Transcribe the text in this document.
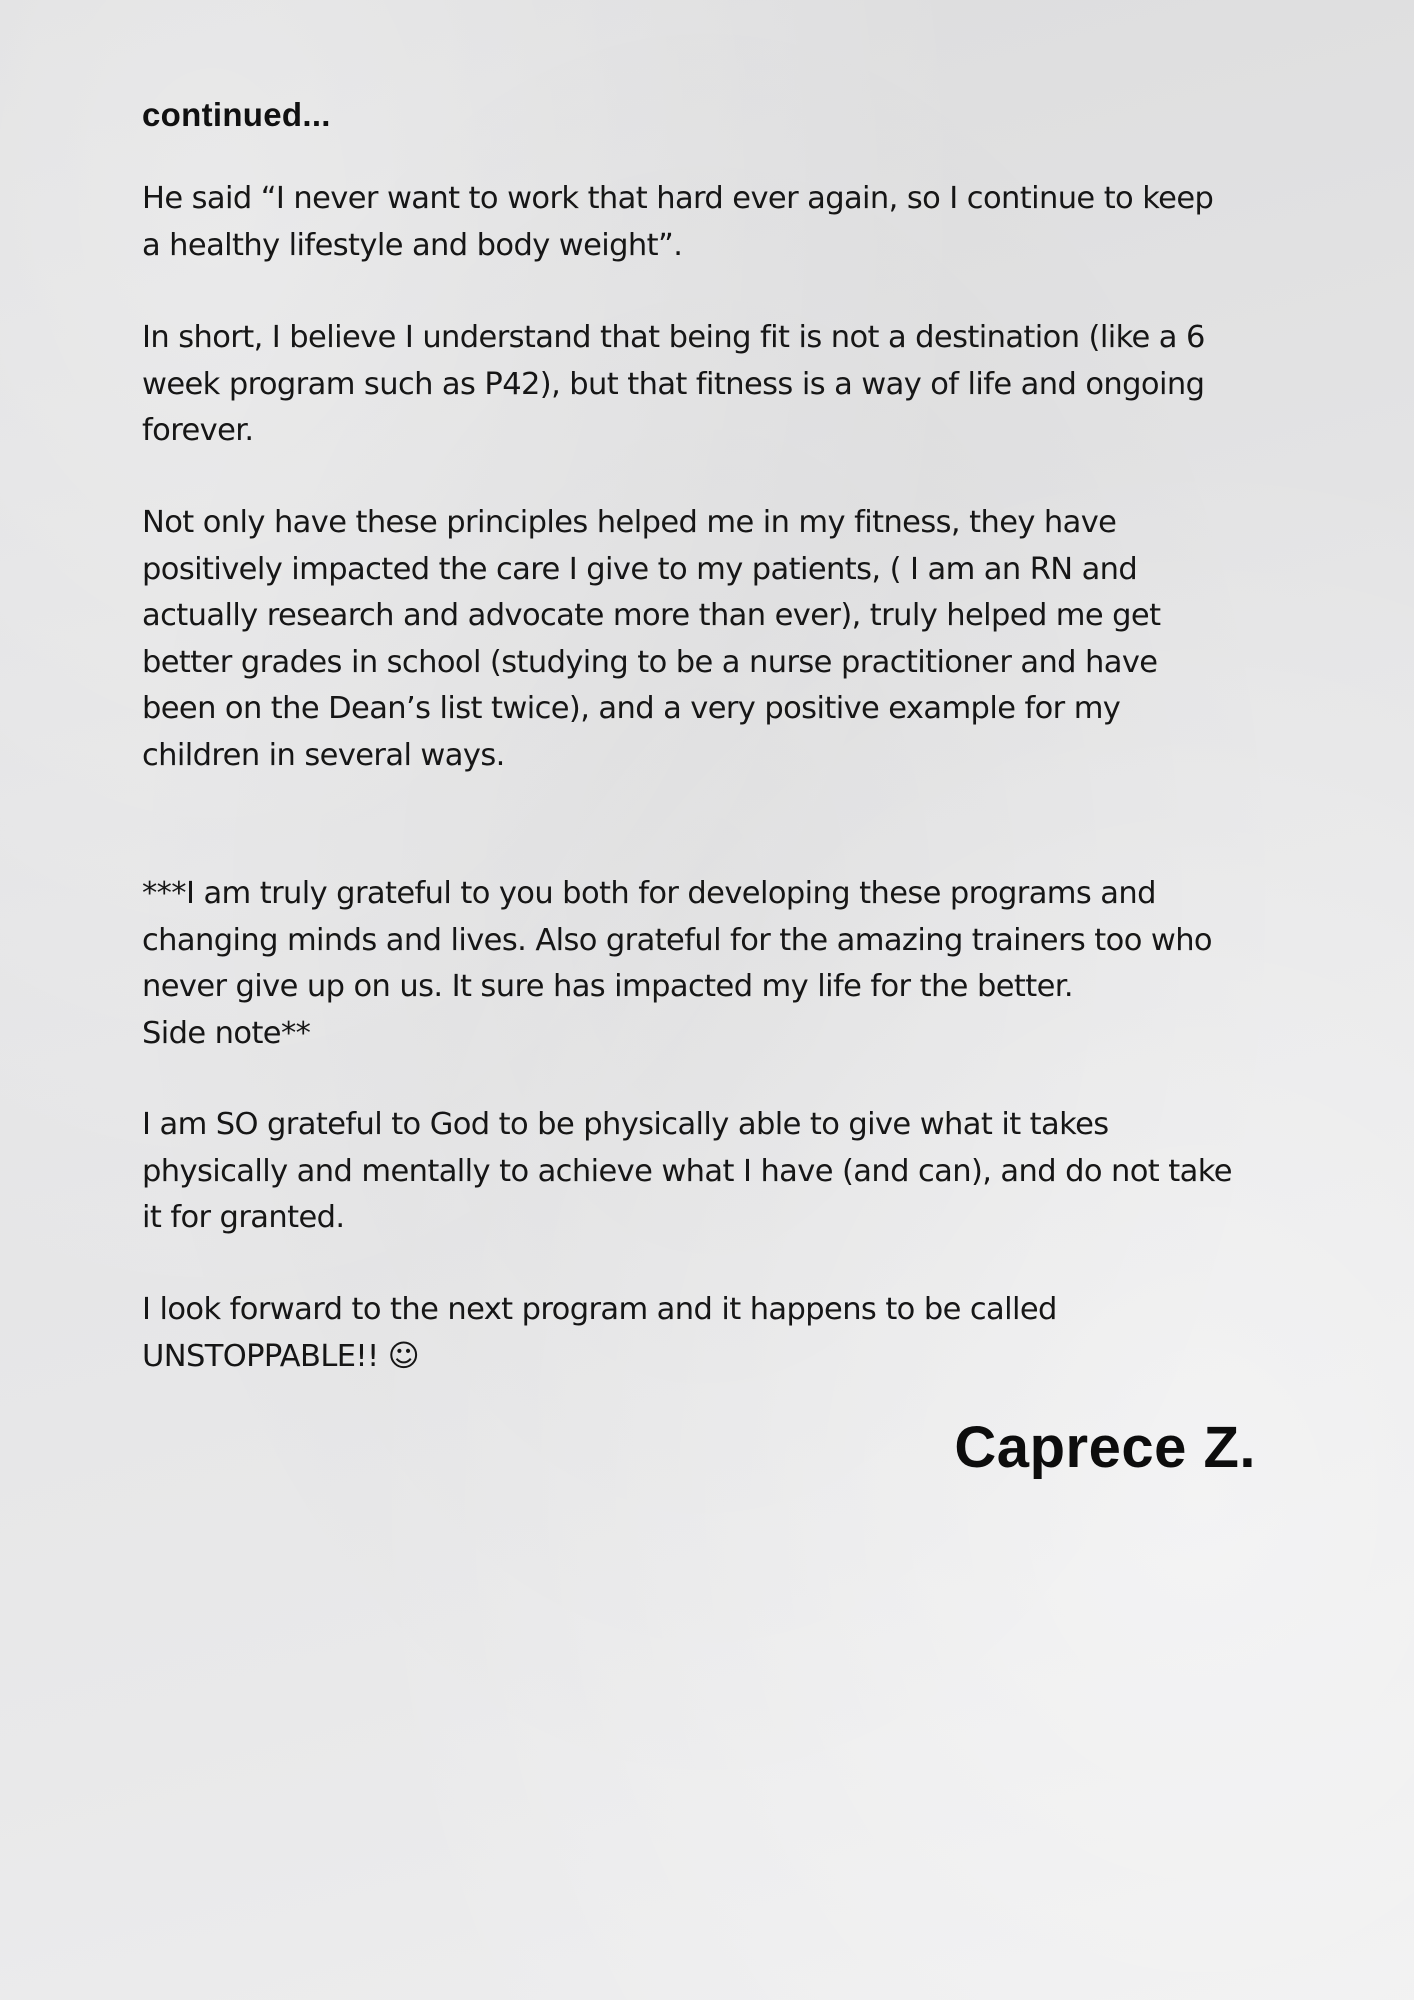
continued...

He said “I never want to work that hard ever again, so I continue to keep
a healthy lifestyle and body weight”.

In short, I believe I understand that being fit is not a destination (like a 6
week program such as P42), but that fitness is a way of life and ongoing
forever.

Not only have these principles helped me in my fitness, they have
positively impacted the care I give to my patients, ( I am an RN and
actually research and advocate more than ever), truly helped me get
better grades in school (studying to be a nurse practitioner and have
been on the Dean’s list twice), and a very positive example for my
children in several ways.

***I am truly grateful to you both for developing these programs and
changing minds and lives. Also grateful for the amazing trainers too who
never give up on us. It sure has impacted my life for the better.
Side note**

I am SO grateful to God to be physically able to give what it takes
physically and mentally to achieve what I have (and can), and do not take
it for granted.

I look forward to the next program and it happens to be called
UNSTOPPABLE!! ☺

Caprece Z.
